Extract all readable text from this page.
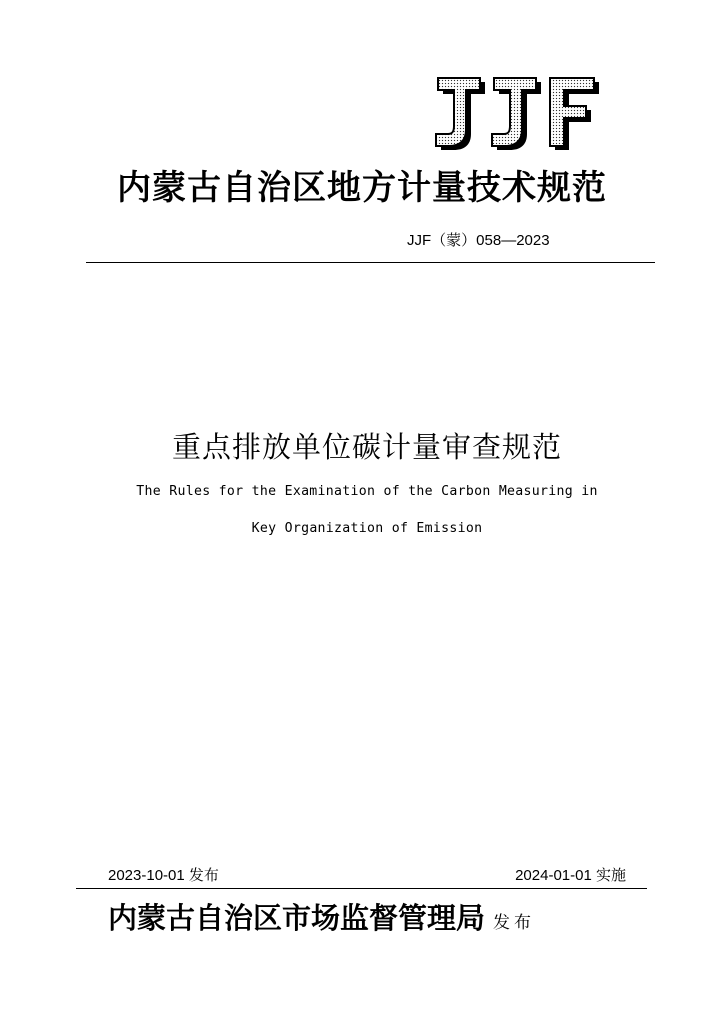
内蒙古自治区地方计量技术规范
JJF（蒙）058—2023
重点排放单位碳计量审查规范
The Rules for the Examination of the Carbon Measuring in
Key Organization of Emission
2023-10-01 发布	2024-01-01 实施
内蒙古自治区市场监督管理局 发布
